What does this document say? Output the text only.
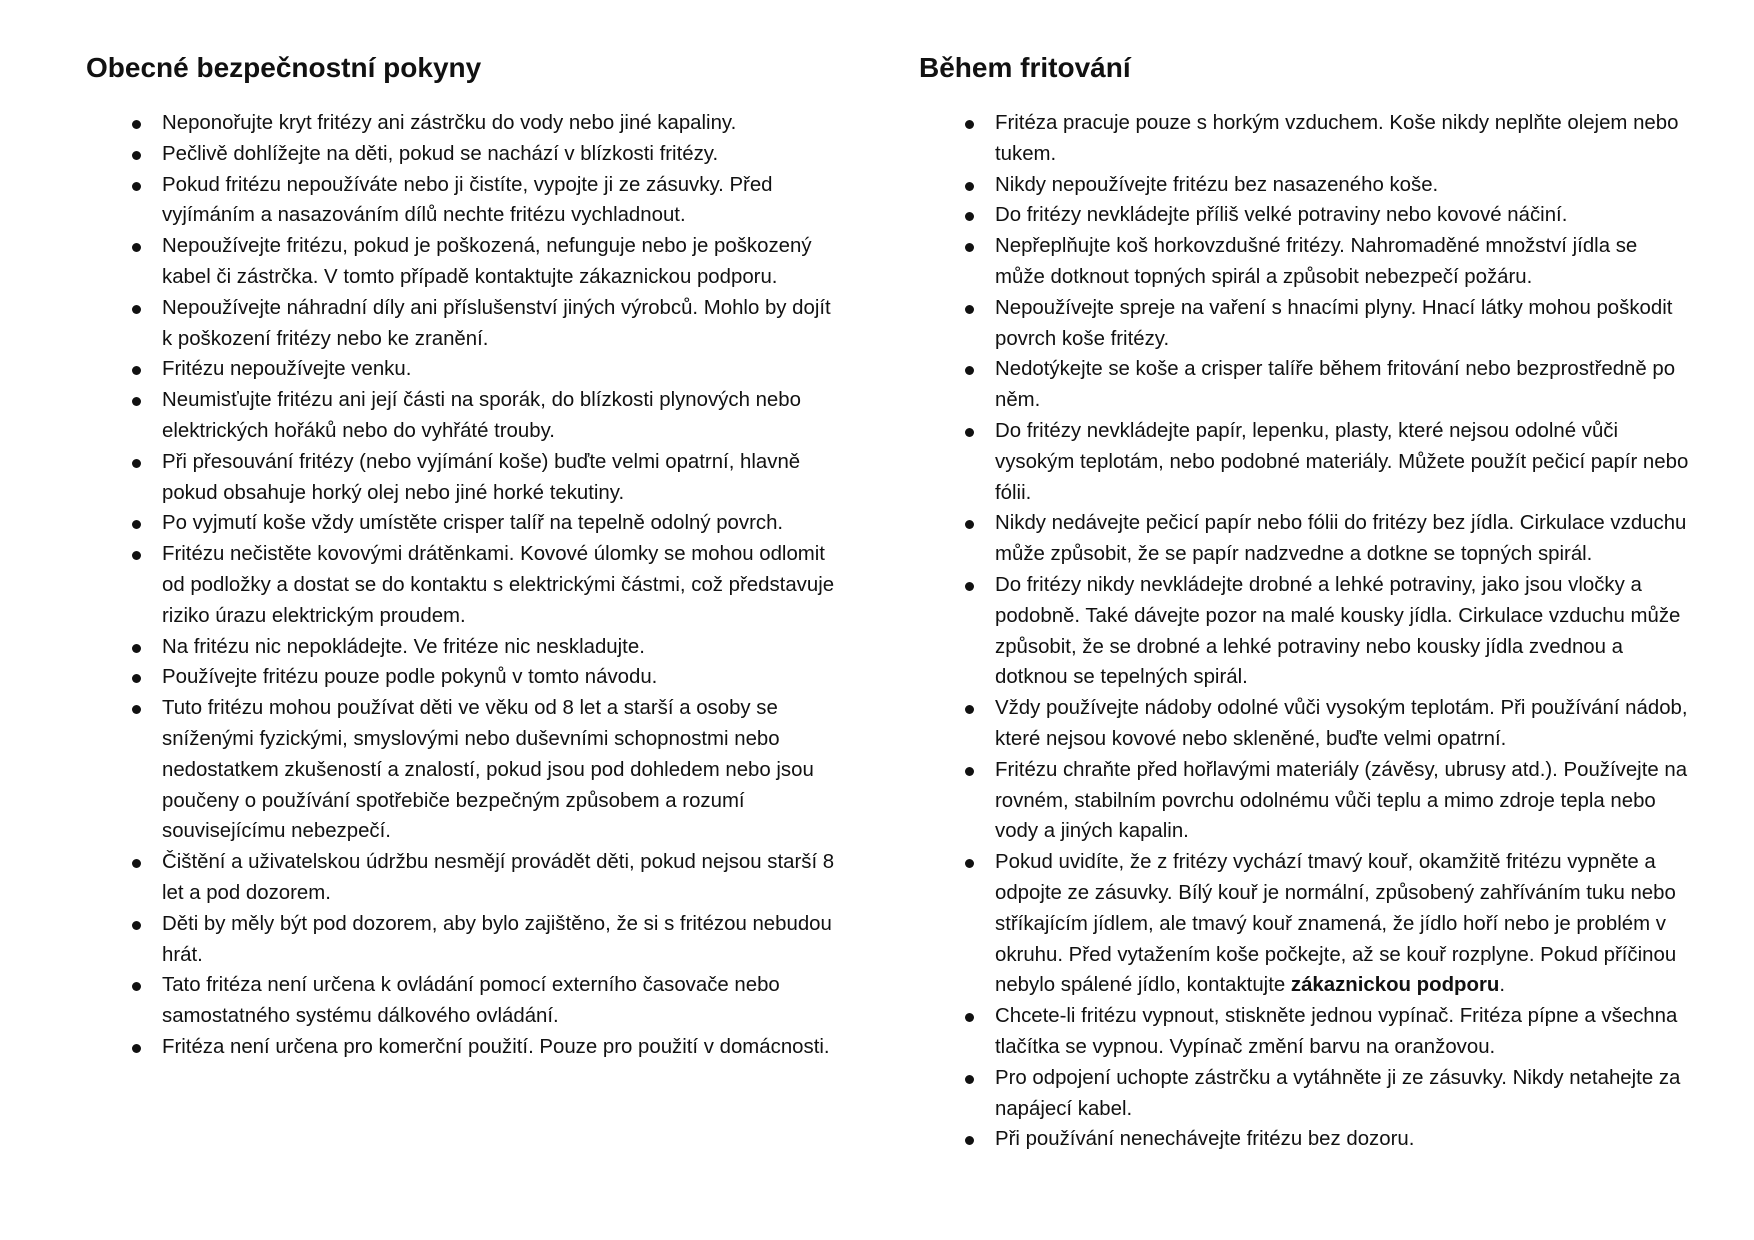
Obecné bezpečnostní pokyny
Neponořujte kryt fritézy ani zástrčku do vody nebo jiné kapaliny.
Pečlivě dohlížejte na děti, pokud se nachází v blízkosti fritézy.
Pokud fritézu nepoužíváte nebo ji čistíte, vypojte ji ze zásuvky. Před vyjímáním a nasazováním dílů nechte fritézu vychladnout.
Nepoužívejte fritézu, pokud je poškozená, nefunguje nebo je poškozený kabel či zástrčka. V tomto případě kontaktujte zákaznickou podporu.
Nepoužívejte náhradní díly ani příslušenství jiných výrobců. Mohlo by dojít k poškození fritézy nebo ke zranění.
Fritézu nepoužívejte venku.
Neumisťujte fritézu ani její části na sporák, do blízkosti plynových nebo elektrických hořáků nebo do vyhřáté trouby.
Při přesouvání fritézy (nebo vyjímání koše) buďte velmi opatrní, hlavně pokud obsahuje horký olej nebo jiné horké tekutiny.
Po vyjmutí koše vždy umístěte crisper talíř na tepelně odolný povrch.
Fritézu nečistěte kovovými drátěnkami. Kovové úlomky se mohou odlomit od podložky a dostat se do kontaktu s elektrickými částmi, což představuje riziko úrazu elektrickým proudem.
Na fritézu nic nepokládejte. Ve fritéze nic neskladujte.
Používejte fritézu pouze podle pokynů v tomto návodu.
Tuto fritézu mohou používat děti ve věku od 8 let a starší a osoby se sníženými fyzickými, smyslovými nebo duševními schopnostmi nebo nedostatkem zkušeností a znalostí, pokud jsou pod dohledem nebo jsou poučeny o používání spotřebiče bezpečným způsobem a rozumí souvisejícímu nebezpečí.
Čištění a uživatelskou údržbu nesmějí provádět děti, pokud nejsou starší 8 let a pod dozorem.
Děti by měly být pod dozorem, aby bylo zajištěno, že si s fritézou nebudou hrát.
Tato fritéza není určena k ovládání pomocí externího časovače nebo samostatného systému dálkového ovládání.
Fritéza není určena pro komerční použití. Pouze pro použití v domácnosti.
Během fritování
Fritéza pracuje pouze s horkým vzduchem. Koše nikdy neplňte olejem nebo tukem.
Nikdy nepoužívejte fritézu bez nasazeného koše.
Do fritézy nevkládejte příliš velké potraviny nebo kovové náčiní.
Nepřeplňujte koš horkovzdušné fritézy. Nahromaděné množství jídla se může dotknout topných spirál a způsobit nebezpečí požáru.
Nepoužívejte spreje na vaření s hnacími plyny. Hnací látky mohou poškodit povrch koše fritézy.
Nedotýkejte se koše a crisper talíře během fritování nebo bezprostředně po něm.
Do fritézy nevkládejte papír, lepenku, plasty, které nejsou odolné vůči vysokým teplotám, nebo podobné materiály. Můžete použít pečicí papír nebo fólii.
Nikdy nedávejte pečicí papír nebo fólii do fritézy bez jídla. Cirkulace vzduchu může způsobit, že se papír nadzvedne a dotkne se topných spirál.
Do fritézy nikdy nevkládejte drobné a lehké potraviny, jako jsou vločky a podobně. Také dávejte pozor na malé kousky jídla. Cirkulace vzduchu může způsobit, že se drobné a lehké potraviny nebo kousky jídla zvednou a dotknou se tepelných spirál.
Vždy používejte nádoby odolné vůči vysokým teplotám. Při používání nádob, které nejsou kovové nebo skleněné, buďte velmi opatrní.
Fritézu chraňte před hořlavými materiály (závěsy, ubrusy atd.). Používejte na rovném, stabilním povrchu odolnému vůči teplu a mimo zdroje tepla nebo vody a jiných kapalin.
Pokud uvidíte, že z fritézy vychází tmavý kouř, okamžitě fritézu vypněte a odpojte ze zásuvky. Bílý kouř je normální, způsobený zahříváním tuku nebo stříkajícím jídlem, ale tmavý kouř znamená, že jídlo hoří nebo je problém v okruhu. Před vytažením koše počkejte, až se kouř rozplyne. Pokud příčinou nebylo spálené jídlo, kontaktujte zákaznickou podporu.
Chcete-li fritézu vypnout, stiskněte jednou vypínač. Fritéza pípne a všechna tlačítka se vypnou. Vypínač změní barvu na oranžovou.
Pro odpojení uchopte zástrčku a vytáhněte ji ze zásuvky. Nikdy netahejte za napájecí kabel.
Při používání nenechávejte fritézu bez dozoru.
